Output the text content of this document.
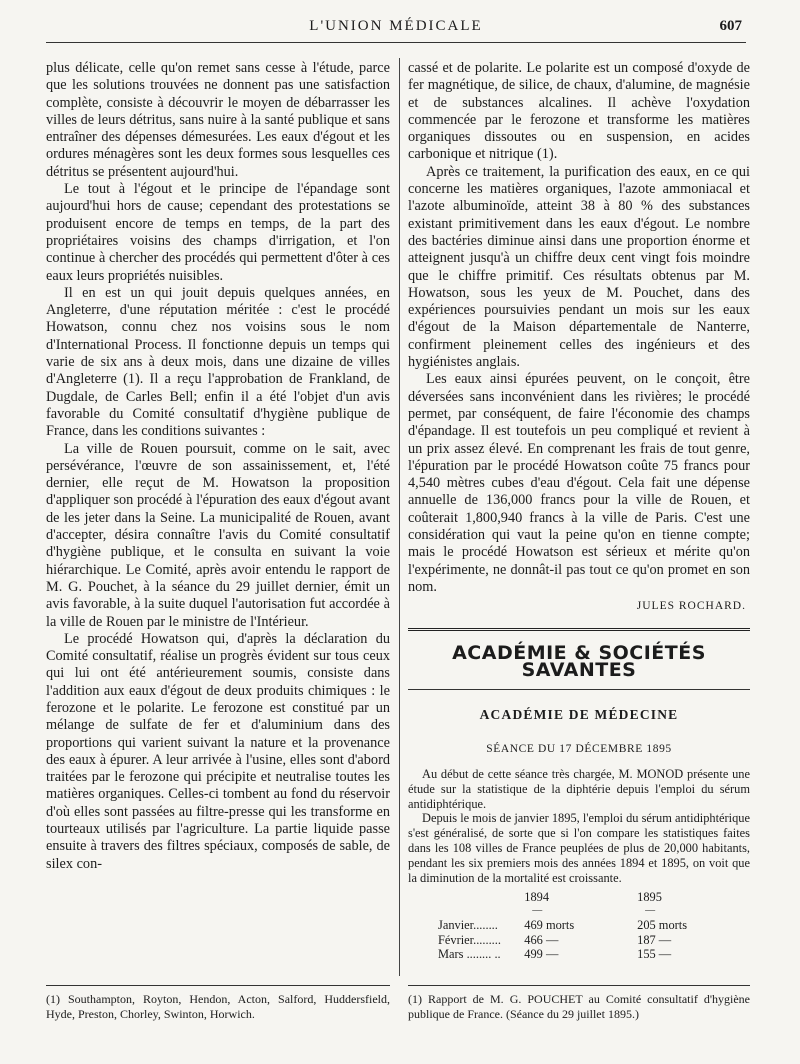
L'UNION MÉDICALE	607

plus délicate, celle qu'on remet sans cesse à l'étude, parce que les solutions trouvées ne donnent pas une satisfaction complète, consiste à découvrir le moyen de débarrasser les villes de leurs détritus, sans nuire à la santé publique et sans entraîner des dépenses démesurées. Les eaux d'égout et les ordures ménagères sont les deux formes sous lesquelles ces détritus se présentent aujourd'hui.

Le tout à l'égout et le principe de l'épandage sont aujourd'hui hors de cause; cependant des protestations se produisent encore de temps en temps, de la part des propriétaires voisins des champs d'irrigation, et l'on continue à chercher des procédés qui permettent d'ôter à ces eaux leurs propriétés nuisibles.

Il en est un qui jouit depuis quelques années, en Angleterre, d'une réputation méritée : c'est le procédé Howatson, connu chez nos voisins sous le nom d'International Process. Il fonctionne depuis un temps qui varie de six ans à deux mois, dans une dizaine de villes d'Angleterre (1). Il a reçu l'approbation de Frankland, de Dugdale, de Carles Bell; enfin il a été l'objet d'un avis favorable du Comité consultatif d'hygiène publique de France, dans les conditions suivantes :

La ville de Rouen poursuit, comme on le sait, avec persévérance, l'œuvre de son assainissement, et, l'été dernier, elle reçut de M. Howatson la proposition d'appliquer son procédé à l'épuration des eaux d'égout avant de les jeter dans la Seine. La municipalité de Rouen, avant d'accepter, désira connaître l'avis du Comité consultatif d'hygiène publique, et le consulta en suivant la voie hiérarchique. Le Comité, après avoir entendu le rapport de M. G. Pouchet, à la séance du 29 juillet dernier, émit un avis favorable, à la suite duquel l'autorisation fut accordée à la ville de Rouen par le ministre de l'Intérieur.

Le procédé Howatson qui, d'après la déclaration du Comité consultatif, réalise un progrès évident sur tous ceux qui lui ont été antérieurement soumis, consiste dans l'addition aux eaux d'égout de deux produits chimiques : le ferozone et le polarite. Le ferozone est constitué par un mélange de sulfate de fer et d'aluminium dans des proportions qui varient suivant la nature et la provenance des eaux à épurer. A leur arrivée à l'usine, elles sont d'abord traitées par le ferozone qui précipite et neutralise toutes les matières organiques. Celles-ci tombent au fond du réservoir d'où elles sont passées au filtre-presse qui les transforme en tourteaux utilisés par l'agriculture. La partie liquide passe ensuite à travers des filtres spéciaux, composés de sable, de silex con-

cassé et de polarite. Le polarite est un composé d'oxyde de fer magnétique, de silice, de chaux, d'alumine, de magnésie et de substances alcalines. Il achève l'oxydation commencée par le ferozone et transforme les matières organiques dissoutes ou en suspension, en acides carbonique et nitrique (1).

Après ce traitement, la purification des eaux, en ce qui concerne les matières organiques, l'azote ammoniacal et l'azote albuminoïde, atteint 38 à 80 % des substances existant primitivement dans les eaux d'égout. Le nombre des bactéries diminue ainsi dans une proportion énorme et atteignent jusqu'à un chiffre deux cent vingt fois moindre que le chiffre primitif. Ces résultats obtenus par M. Howatson, sous les yeux de M. Pouchet, dans des expériences poursuivies pendant un mois sur les eaux d'égout de la Maison départementale de Nanterre, confirment pleinement celles des ingénieurs et des hygiénistes anglais.

Les eaux ainsi épurées peuvent, on le conçoit, être déversées sans inconvénient dans les rivières; le procédé permet, par conséquent, de faire l'économie des champs d'épandage. Il est toutefois un peu compliqué et revient à un prix assez élevé. En comprenant les frais de tout genre, l'épuration par le procédé Howatson coûte 75 francs pour 4,540 mètres cubes d'eau d'égout. Cela fait une dépense annuelle de 136,000 francs pour la ville de Rouen, et coûterait 1,800,940 francs à la ville de Paris. C'est une considération qui vaut la peine qu'on en tienne compte; mais le procédé Howatson est sérieux et mérite qu'on l'expérimente, ne donnât-il pas tout ce qu'on promet en son nom.

JULES ROCHARD.
ACADÉMIE & SOCIÉTÉS SAVANTES
ACADÉMIE DE MÉDECINE
SÉANCE DU 17 DÉCEMBRE 1895

Au début de cette séance très chargée, M. MONOD présente une étude sur la statistique de la diphtérie depuis l'emploi du sérum antidiphtérique.

Depuis le mois de janvier 1895, l'emploi du sérum antidiphtérique s'est généralisé, de sorte que si l'on compare les statistiques faites dans les 108 villes de France peuplées de plus de 20,000 habitants, pendant les six premiers mois des années 1894 et 1895, on voit que la diminution de la mortalité est croissante.

	1894	1895
	—	—
Janvier........	469 morts	205 morts
Février.........	466 —	187 —
Mars ........ ..	499 —	155 —
(1) Southampton, Royton, Hendon, Acton, Salford, Huddersfield, Hyde, Preston, Chorley, Swinton, Horwich.
(1) Rapport de M. G. POUCHET au Comité consultatif d'hygiène publique de France. (Séance du 29 juillet 1895.)
